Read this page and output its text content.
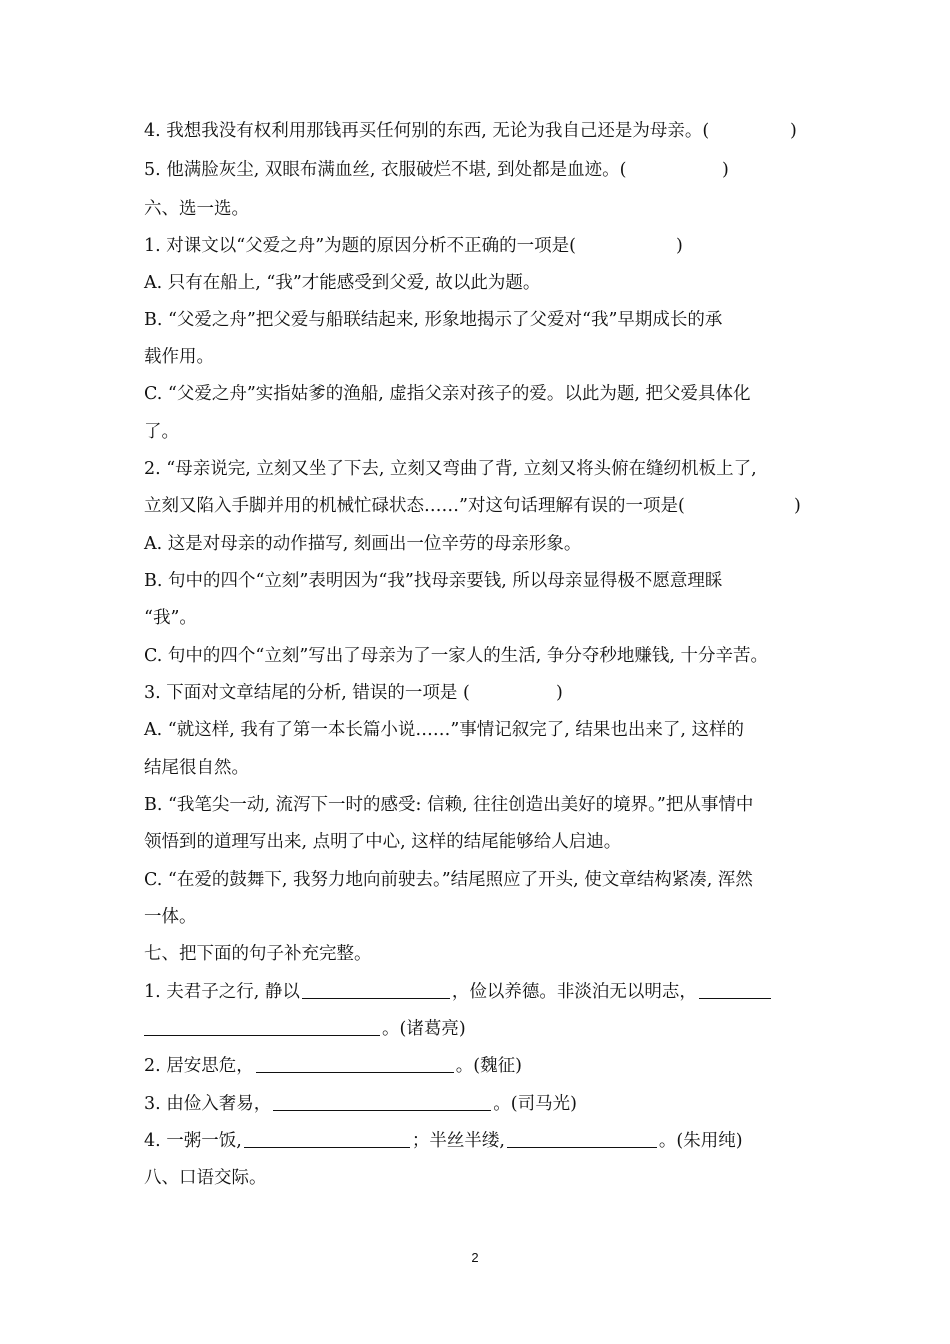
4. 我想我没有权利用那钱再买任何别的东西, 无论为我自己还是为母亲。(	)
5. 他满脸灰尘, 双眼布满血丝, 衣服破烂不堪, 到处都是血迹。(	)
六、选一选。
1. 对课文以“父爱之舟”为题的原因分析不正确的一项是(	)
A. 只有在船上, “我”才能感受到父爱, 故以此为题。
B. “父爱之舟”把父爱与船联结起来, 形象地揭示了父爱对“我”早期成长的承
载作用。
C. “父爱之舟”实指姑爹的渔船, 虚指父亲对孩子的爱。以此为题, 把父爱具体化
了。
2. “母亲说完, 立刻又坐了下去, 立刻又弯曲了背, 立刻又将头俯在缝纫机板上了,
立刻又陷入手脚并用的机械忙碌状态……”对这句话理解有误的一项是(	)
A. 这是对母亲的动作描写, 刻画出一位辛劳的母亲形象。
B. 句中的四个“立刻”表明因为“我”找母亲要钱, 所以母亲显得极不愿意理睬
“我”。
C. 句中的四个“立刻”写出了母亲为了一家人的生活, 争分夺秒地赚钱, 十分辛苦。
3. 下面对文章结尾的分析, 错误的一项是 (	)
A. “就这样, 我有了第一本长篇小说……”事情记叙完了, 结果也出来了, 这样的
结尾很自然。
B. “我笔尖一动, 流泻下一时的感受: 信赖, 往往创造出美好的境界。”把从事情中
领悟到的道理写出来, 点明了中心, 这样的结尾能够给人启迪。
C. “在爱的鼓舞下, 我努力地向前驶去。”结尾照应了开头, 使文章结构紧凑, 浑然
一体。
七、把下面的句子补充完整。
1. 夫君子之行, 静以	，俭以养德。非淡泊无以明志，
。(诸葛亮)
2. 居安思危，	。(魏征)
3. 由俭入奢易，	。(司马光)
4. 一粥一饭,	；半丝半缕,	。(朱用纯)
八、口语交际。
2
